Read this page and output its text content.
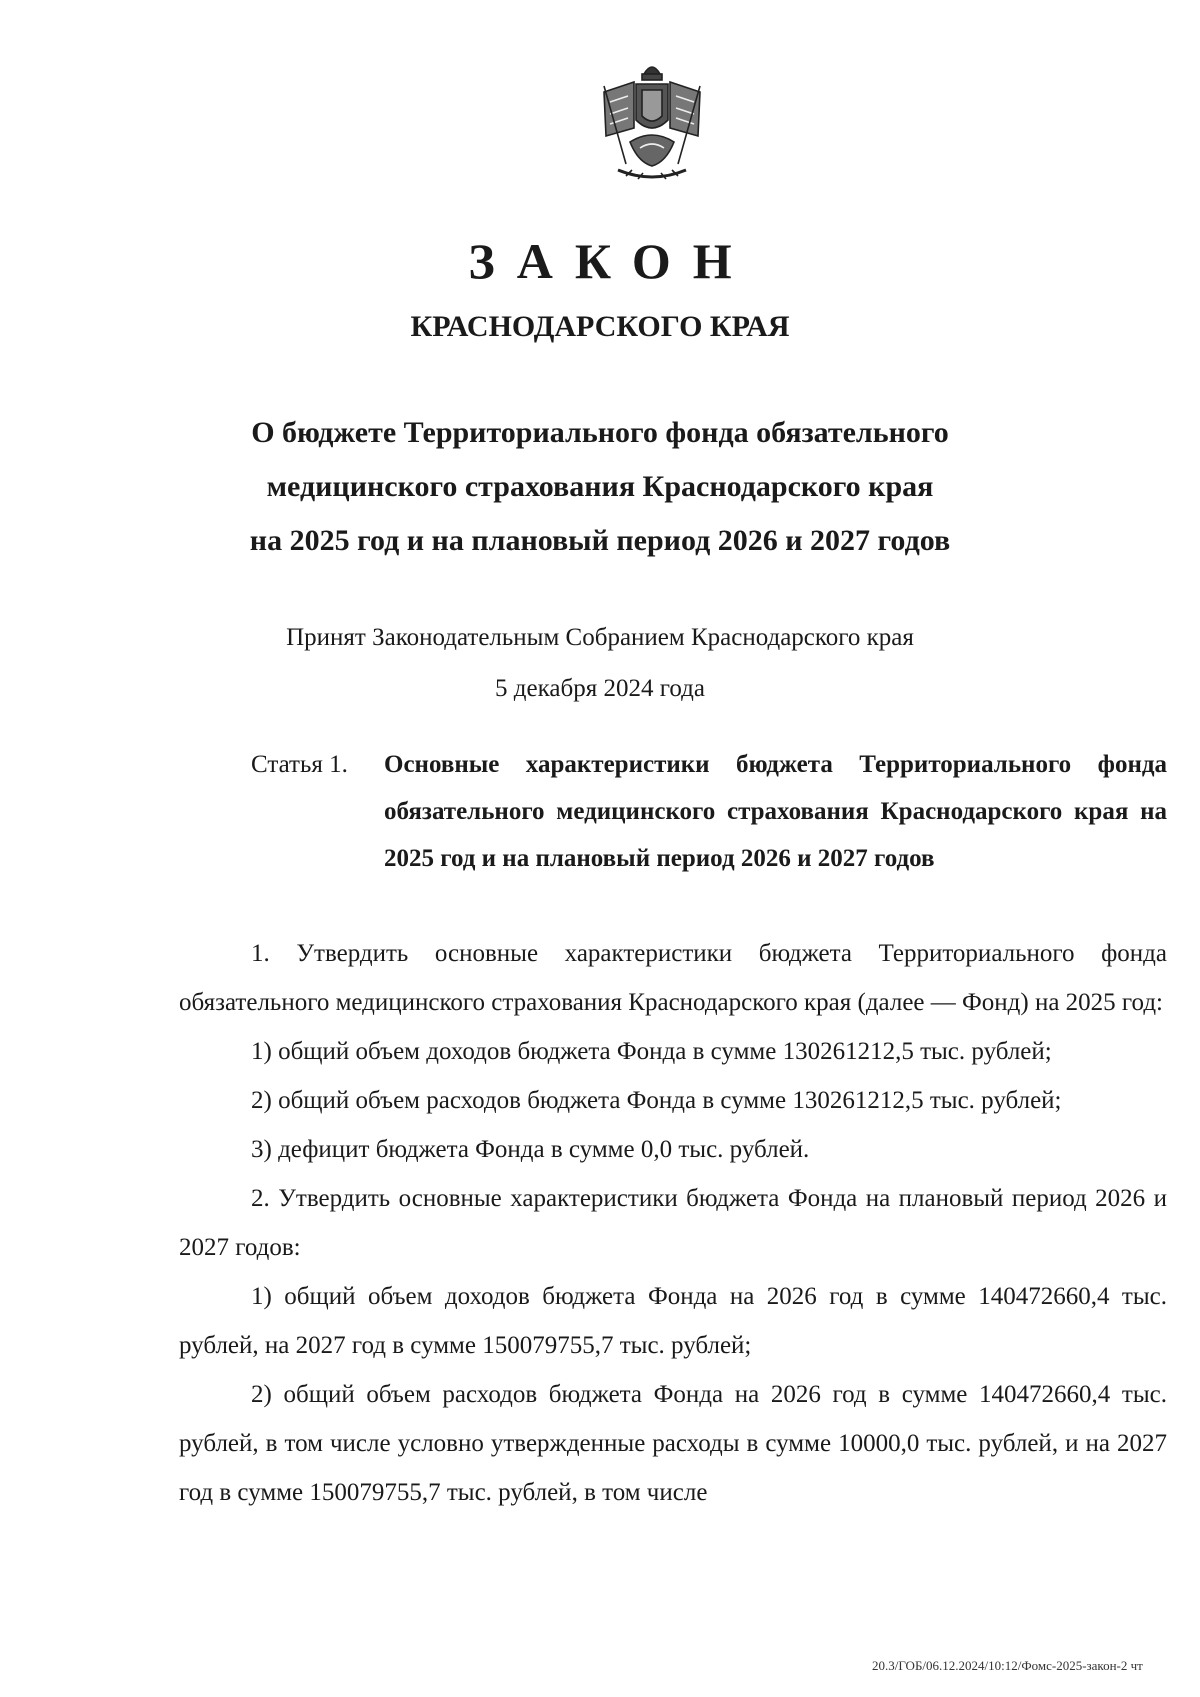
ЗАКОН
КРАСНОДАРСКОГО КРАЯ
О бюджете Территориального фонда обязательного
медицинского страхования Краснодарского края
на 2025 год и на плановый период 2026 и 2027 годов
Принят Законодательным Собранием Краснодарского края
5 декабря 2024 года
Статья 1.	Основные характеристики бюджета Территориального фонда обязательного медицинского страхования Краснодарского края на 2025 год и на плановый период 2026 и 2027 годов

1. Утвердить основные характеристики бюджета Территориального фонда обязательного медицинского страхования Краснодарского края (далее — Фонд) на 2025 год:

1) общий объем доходов бюджета Фонда в сумме 130261212,5 тыс. рублей;

2) общий объем расходов бюджета Фонда в сумме 130261212,5 тыс. рублей;

3) дефицит бюджета Фонда в сумме 0,0 тыс. рублей.

2. Утвердить основные характеристики бюджета Фонда на плановый период 2026 и 2027 годов:

1) общий объем доходов бюджета Фонда на 2026 год в сумме 140472660,4 тыс. рублей, на 2027 год в сумме 150079755,7 тыс. рублей;

2) общий объем расходов бюджета Фонда на 2026 год в сумме 140472660,4 тыс. рублей, в том числе условно утвержденные расходы в сумме 10000,0 тыс. рублей, и на 2027 год в сумме 150079755,7 тыс. рублей, в том числе

20.3/ГОБ/06.12.2024/10:12/Фомс-2025-закон-2 чт
